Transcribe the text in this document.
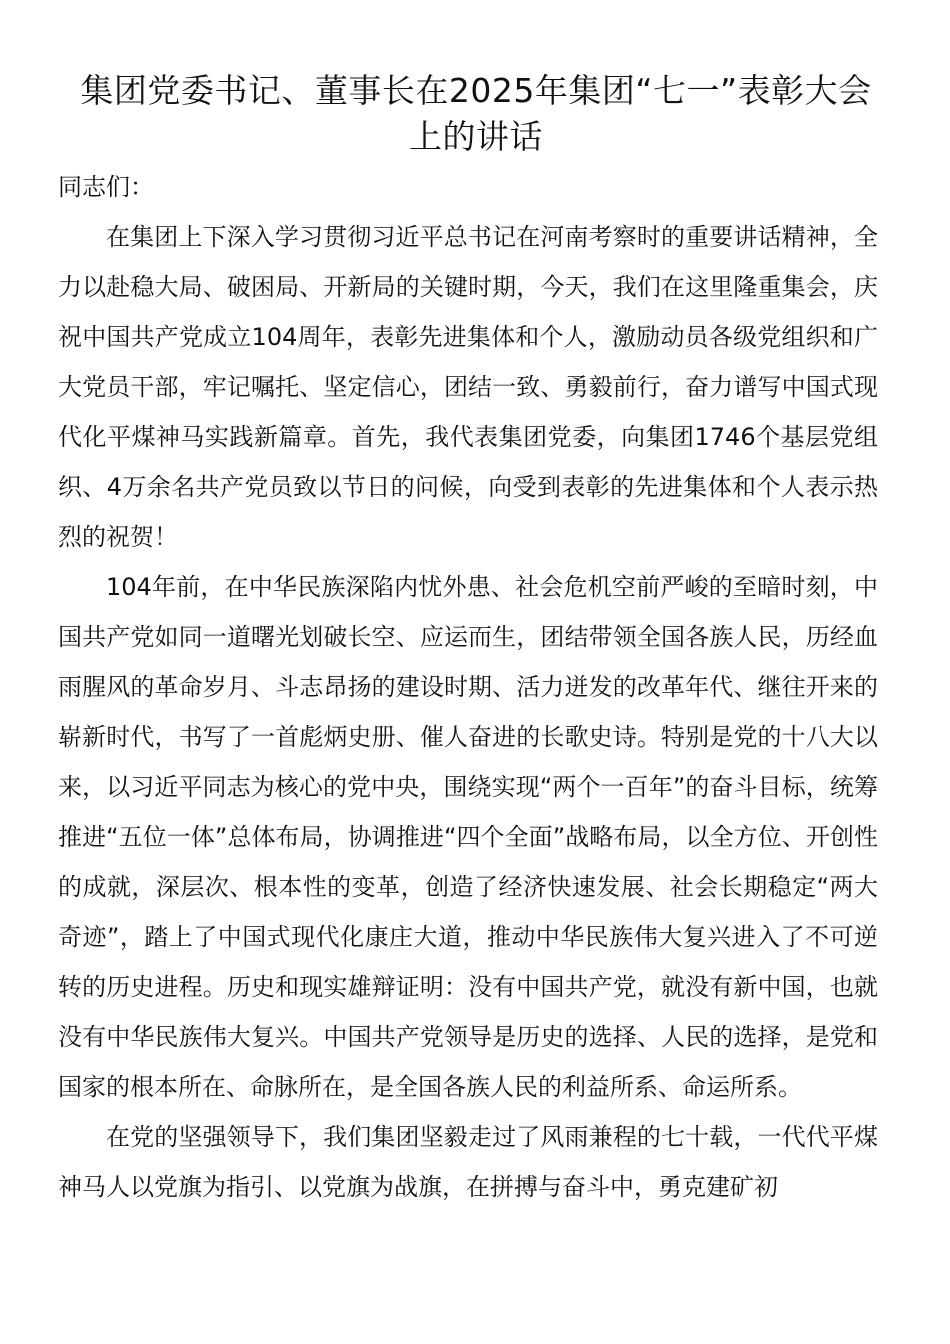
集团党委书记、董事长在2025年集团“七一”表彰大会上的讲话

同志们：

在集团上下深入学习贯彻习近平总书记在河南考察时的重要讲话精神，全力以赴稳大局、破困局、开新局的关键时期，今天，我们在这里隆重集会，庆祝中国共产党成立104周年，表彰先进集体和个人，激励动员各级党组织和广大党员干部，牢记嘱托、坚定信心，团结一致、勇毅前行，奋力谱写中国式现代化平煤神马实践新篇章。首先，我代表集团党委，向集团1746个基层党组织、4万余名共产党员致以节日的问候，向受到表彰的先进集体和个人表示热烈的祝贺！

104年前，在中华民族深陷内忧外患、社会危机空前严峻的至暗时刻，中国共产党如同一道曙光划破长空、应运而生，团结带领全国各族人民，历经血雨腥风的革命岁月、斗志昂扬的建设时期、活力迸发的改革年代、继往开来的崭新时代，书写了一首彪炳史册、催人奋进的长歌史诗。特别是党的十八大以来，以习近平同志为核心的党中央，围绕实现“两个一百年”的奋斗目标，统筹推进“五位一体”总体布局，协调推进“四个全面”战略布局，以全方位、开创性的成就，深层次、根本性的变革，创造了经济快速发展、社会长期稳定“两大奇迹”，踏上了中国式现代化康庄大道，推动中华民族伟大复兴进入了不可逆转的历史进程。历史和现实雄辩证明：没有中国共产党，就没有新中国，也就没有中华民族伟大复兴。中国共产党领导是历史的选择、人民的选择，是党和国家的根本所在、命脉所在，是全国各族人民的利益所系、命运所系。

在党的坚强领导下，我们集团坚毅走过了风雨兼程的七十载，一代代平煤神马人以党旗为指引、以党旗为战旗，在拼搏与奋斗中，勇克建矿初
